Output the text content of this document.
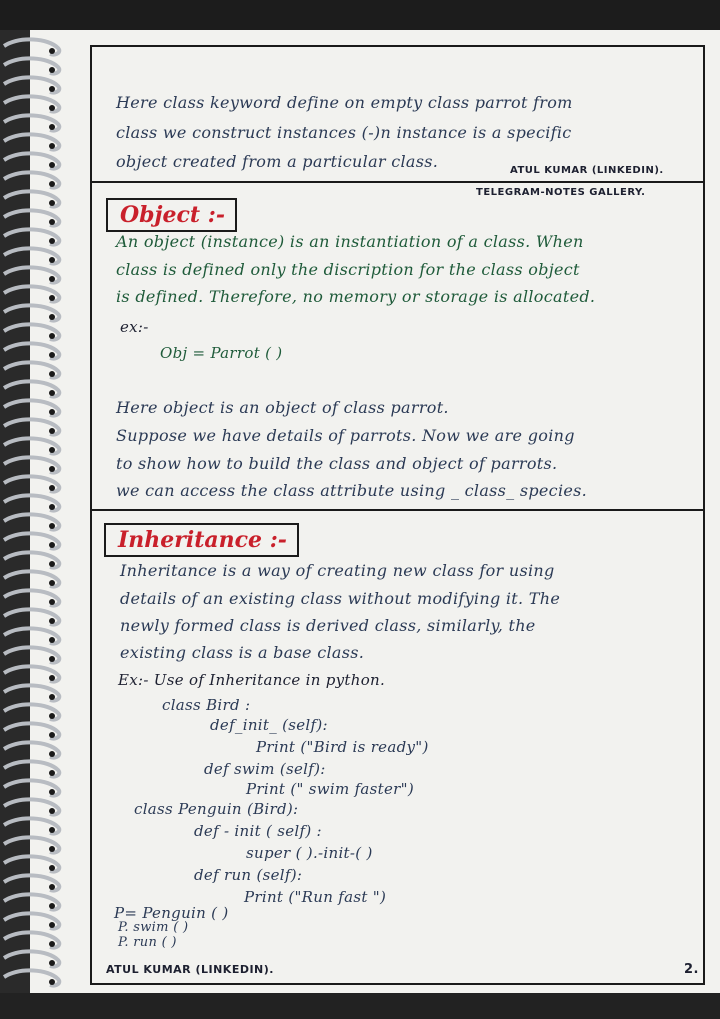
Here class keyword define on empty class parrot from
class we construct instances (-)n instance is a specific
object created from a particular class.	ATUL KUMAR (LINKEDIN).
TELEGRAM-NOTES GALLERY.
Object :-
An object (instance) is an instantiation of a class. When
class is defined only the discription for the class object
is defined. Therefore, no memory or storage is allocated.
ex:-
Obj = Parrot ( )
Here object is an object of class parrot.
Suppose we have details of parrots. Now we are going
to show how to build the class and object of parrots.
we can access the class attribute using _ class_ species.
Inheritance :-
Inheritance is a way of creating new class for using
details of an existing class without modifying it. The
newly formed class is derived class, similarly, the
existing class is a base class.
Ex:- Use of Inheritance in python.
class Bird :
def_init_ (self):
Print ("Bird is ready")
def swim (self):
Print (" swim faster")
class Penguin (Bird):
def - init ( self) :
super ( ).-init-( )
def run (self):
Print ("Run fast ")
P= Penguin ( )
P. swim ( )
P. run ( )
ATUL KUMAR (LINKEDIN).	2.
